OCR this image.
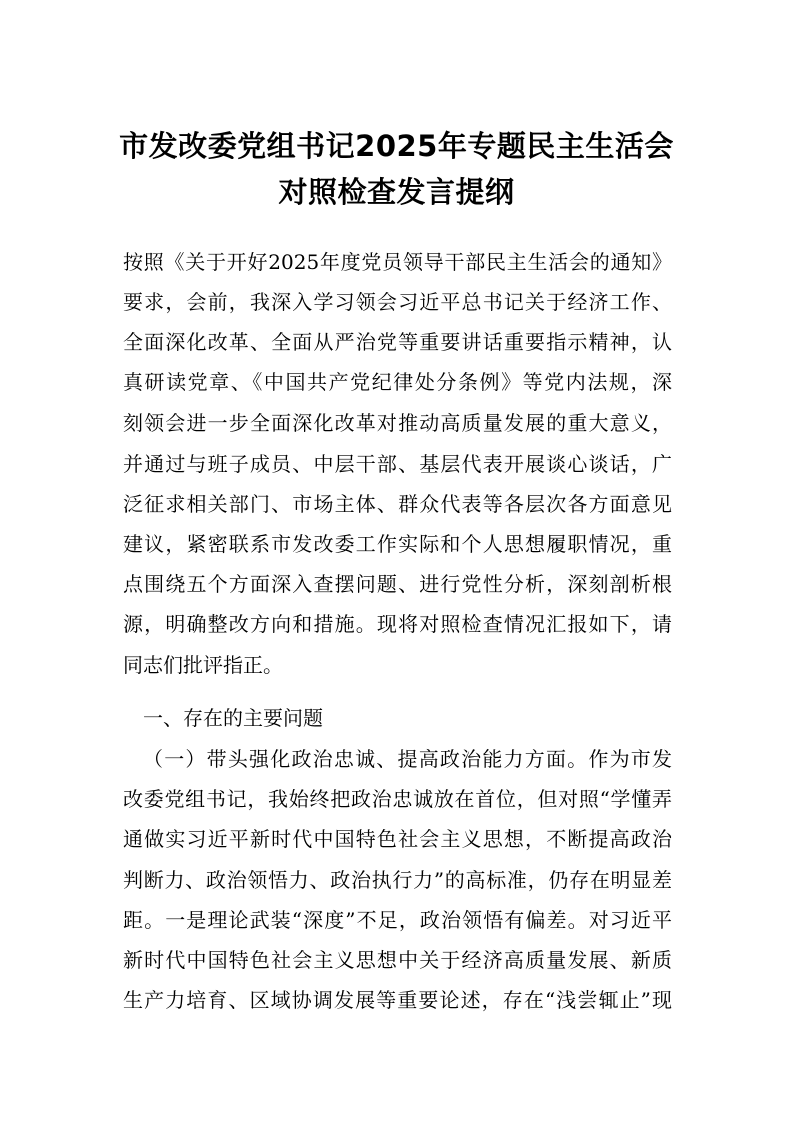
市发改委党组书记2025年专题民主生活会
对照检查发言提纲
按照《关于开好2025年度党员领导干部民主生活会的通知》
要求，会前，我深入学习领会习近平总书记关于经济工作、
全面深化改革、全面从严治党等重要讲话重要指示精神，认
真研读党章、《中国共产党纪律处分条例》等党内法规，深
刻领会进一步全面深化改革对推动高质量发展的重大意义，
并通过与班子成员、中层干部、基层代表开展谈心谈话，广
泛征求相关部门、市场主体、群众代表等各层次各方面意见
建议，紧密联系市发改委工作实际和个人思想履职情况，重
点围绕五个方面深入查摆问题、进行党性分析，深刻剖析根
源，明确整改方向和措施。现将对照检查情况汇报如下，请
同志们批评指正。
一、存在的主要问题
（一）带头强化政治忠诚、提高政治能力方面。作为市发
改委党组书记，我始终把政治忠诚放在首位，但对照“学懂弄
通做实习近平新时代中国特色社会主义思想，不断提高政治
判断力、政治领悟力、政治执行力”的高标准，仍存在明显差
距。一是理论武装“深度”不足，政治领悟有偏差。对习近平
新时代中国特色社会主义思想中关于经济高质量发展、新质
生产力培育、区域协调发展等重要论述，存在“浅尝辄止”现
